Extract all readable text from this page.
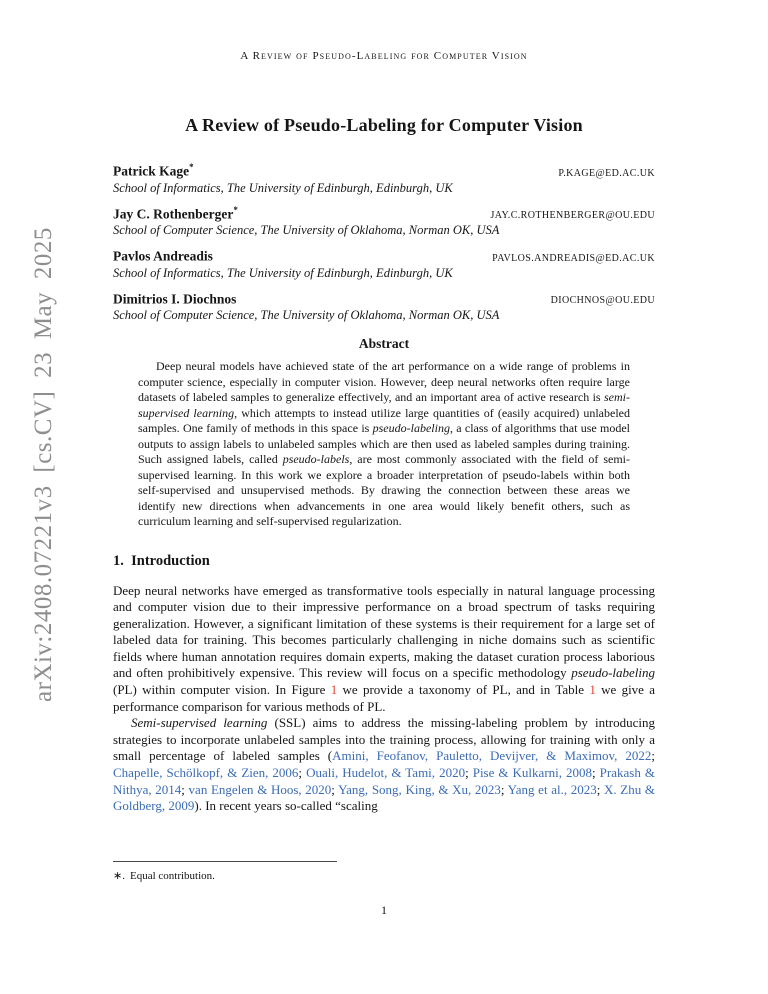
arXiv:2408.07221v3 [cs.CV] 23 May 2025
A Review of Pseudo-Labeling for Computer Vision
A Review of Pseudo-Labeling for Computer Vision
Patrick Kage*
P.KAGE@ED.AC.UK
School of Informatics, The University of Edinburgh, Edinburgh, UK
Jay C. Rothenberger*
JAY.C.ROTHENBERGER@OU.EDU
School of Computer Science, The University of Oklahoma, Norman OK, USA
Pavlos Andreadis	PAVLOS.ANDREADIS@ED.AC.UK
School of Informatics, The University of Edinburgh, Edinburgh, UK
Dimitrios I. Diochnos	DIOCHNOS@OU.EDU
School of Computer Science, The University of Oklahoma, Norman OK, USA
Abstract
Deep neural models have achieved state of the art performance on a wide range of problems in computer science, especially in computer vision. However, deep neural networks often require large datasets of labeled samples to generalize effectively, and an important area of active research is semi-supervised learning, which attempts to instead utilize large quantities of (easily acquired) unlabeled samples. One family of methods in this space is pseudo-labeling, a class of algorithms that use model outputs to assign labels to unlabeled samples which are then used as labeled samples during training. Such assigned labels, called pseudo-labels, are most commonly associated with the field of semi-supervised learning. In this work we explore a broader interpretation of pseudo-labels within both self-supervised and unsupervised methods. By drawing the connection between these areas we identify new directions when advancements in one area would likely benefit others, such as curriculum learning and self-supervised regularization.
1.  Introduction

Deep neural networks have emerged as transformative tools especially in natural language processing and computer vision due to their impressive performance on a broad spectrum of tasks requiring generalization. However, a significant limitation of these systems is their requirement for a large set of labeled data for training. This becomes particularly challenging in niche domains such as scientific fields where human annotation requires domain experts, making the dataset curation process laborious and often prohibitively expensive. This review will focus on a specific methodology pseudo-labeling (PL) within computer vision. In Figure 1 we provide a taxonomy of PL, and in Table 1 we give a performance comparison for various methods of PL.

Semi-supervised learning (SSL) aims to address the missing-labeling problem by introducing strategies to incorporate unlabeled samples into the training process, allowing for training with only a small percentage of labeled samples (Amini, Feofanov, Pauletto, Devijver, & Maximov, 2022; Chapelle, Schölkopf, & Zien, 2006; Ouali, Hudelot, & Tami, 2020; Pise & Kulkarni, 2008; Prakash & Nithya, 2014; van Engelen & Hoos, 2020; Yang, Song, King, & Xu, 2023; Yang et al., 2023; X. Zhu & Goldberg, 2009). In recent years so-called “scaling

∗. Equal contribution.
1
